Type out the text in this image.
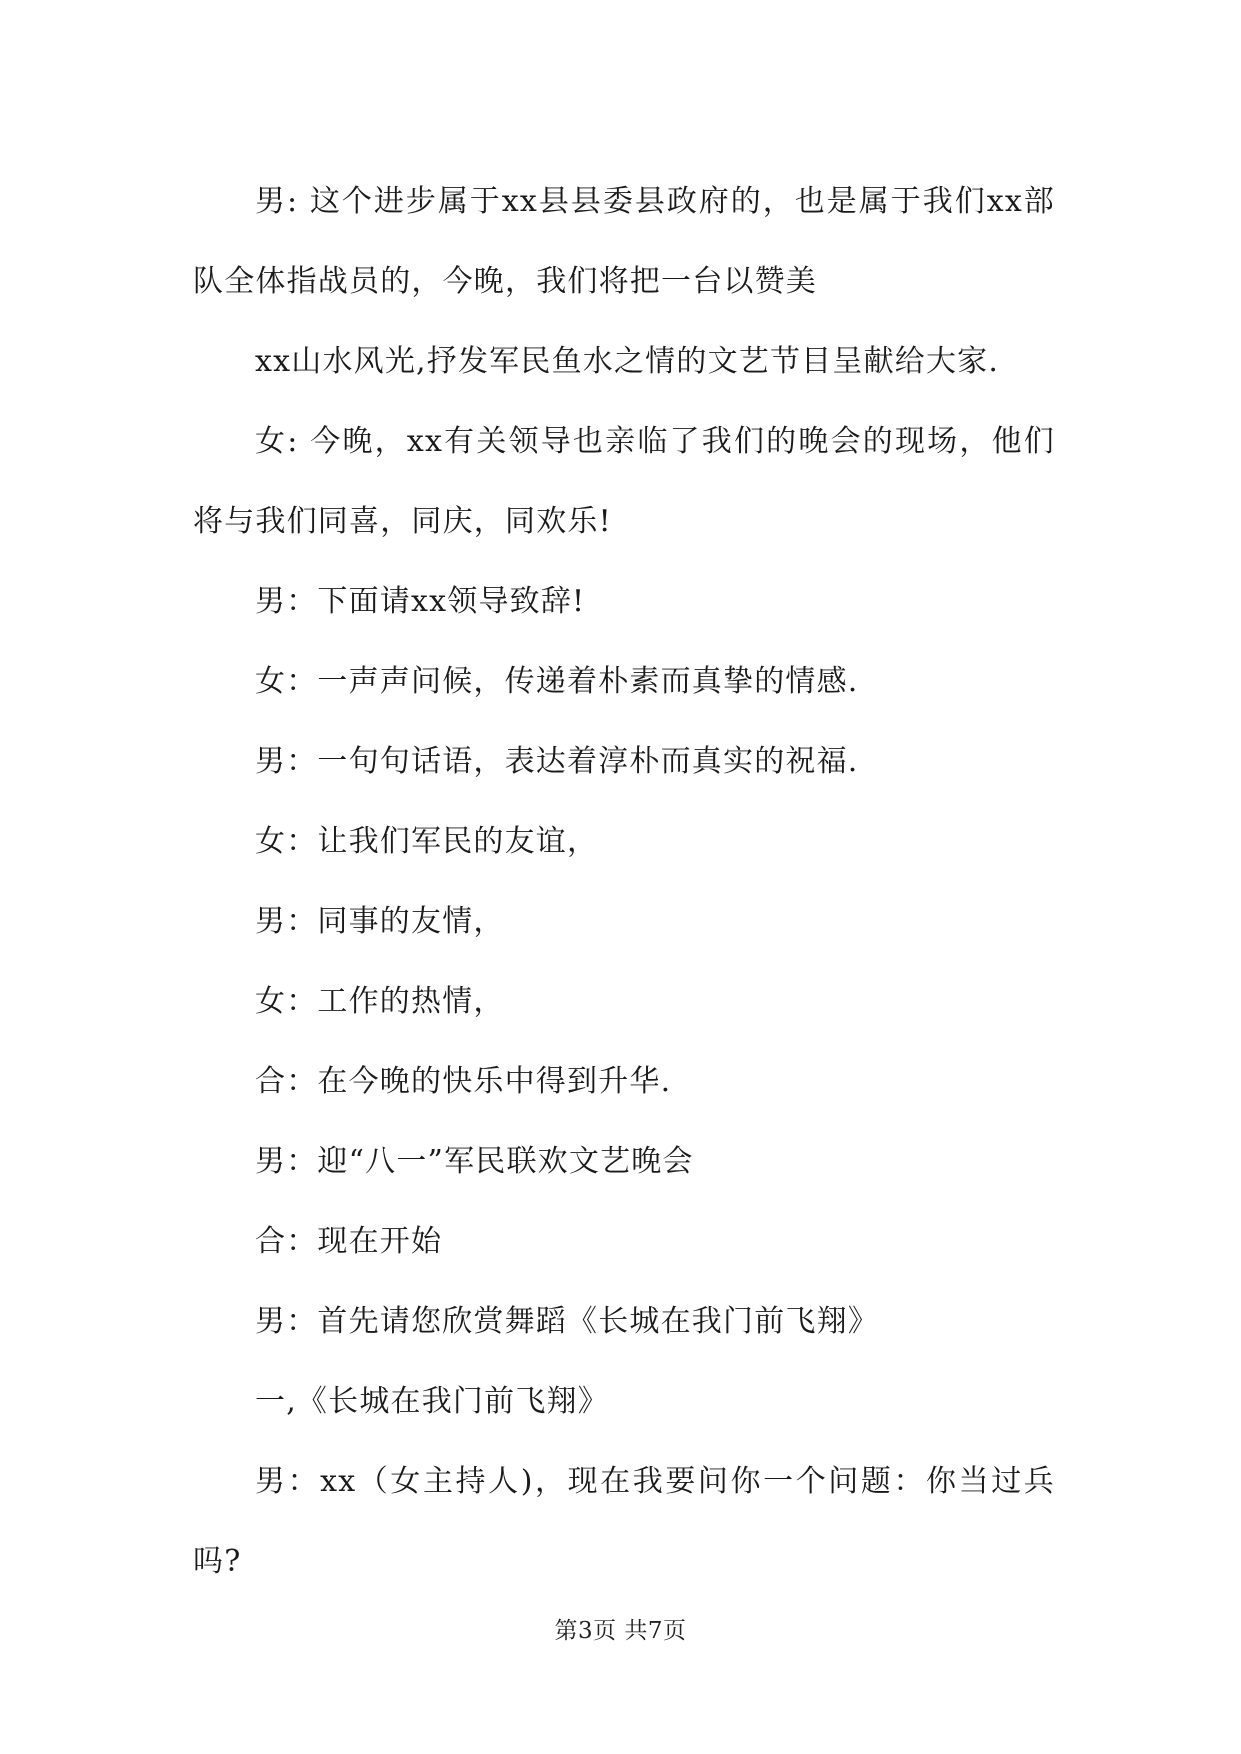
男: 这个进步属于xx县县委县政府的，也是属于我们xx部队全体指战员的，今晚，我们将把一台以赞美

xx山水风光,抒发军民鱼水之情的文艺节目呈献给大家.

女: 今晚，xx有关领导也亲临了我们的晚会的现场，他们将与我们同喜，同庆，同欢乐!

男：下面请xx领导致辞!

女：一声声问候，传递着朴素而真挚的情感.

男：一句句话语，表达着淳朴而真实的祝福.

女：让我们军民的友谊，

男：同事的友情，

女：工作的热情，

合：在今晚的快乐中得到升华.

男：迎“八一”军民联欢文艺晚会

合：现在开始

男：首先请您欣赏舞蹈《长城在我门前飞翔》

一,《长城在我门前飞翔》

男：xx（女主持人)，现在我要问你一个问题：你当过兵吗?

第3页 共7页
